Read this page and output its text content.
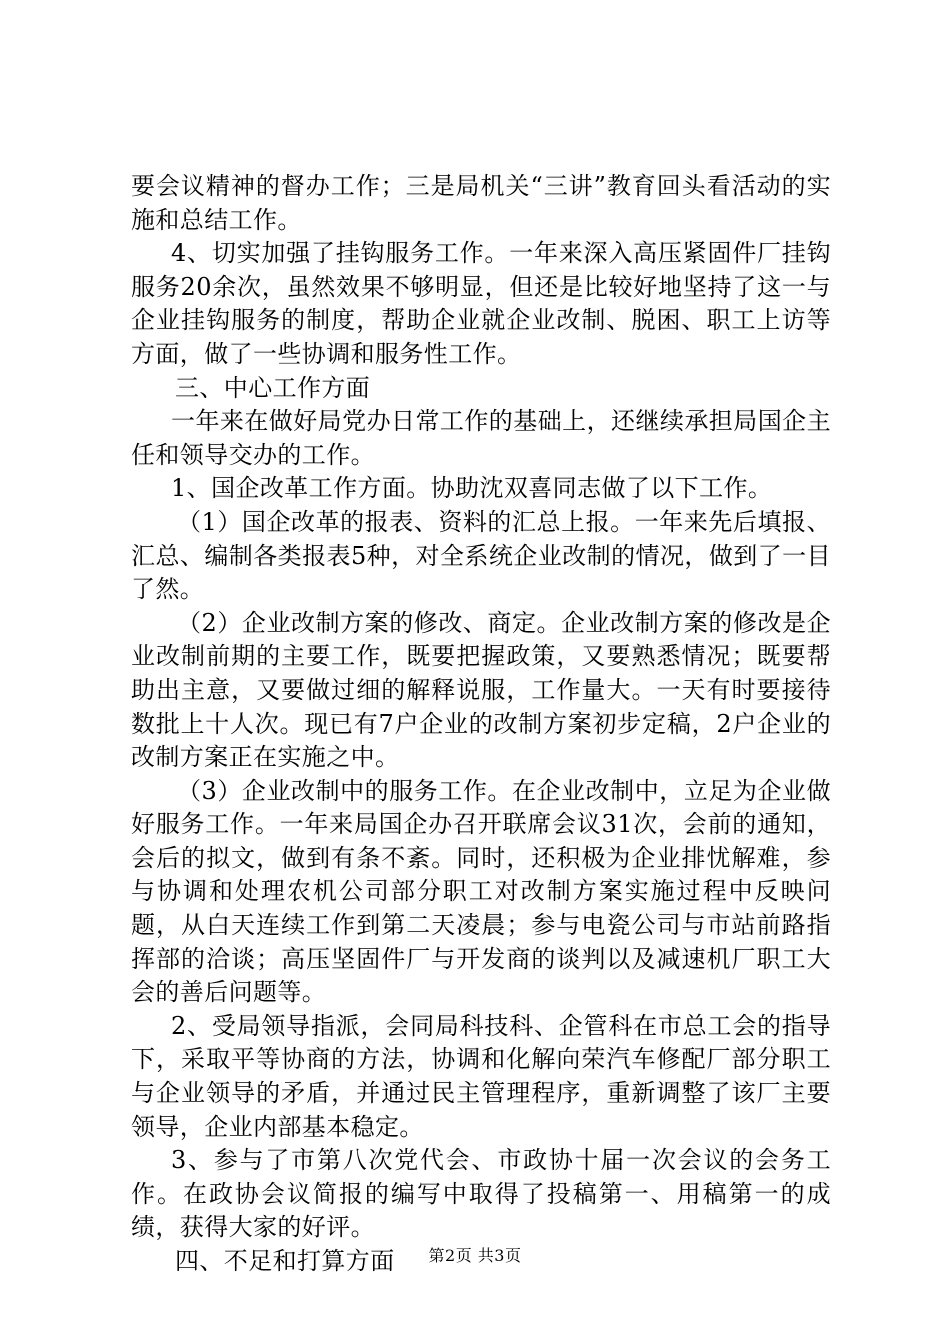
要会议精神的督办工作；三是局机关“三讲”教育回头看活动的实施和总结工作。

4、切实加强了挂钩服务工作。一年来深入高压紧固件厂挂钩服务20余次，虽然效果不够明显，但还是比较好地坚持了这一与企业挂钩服务的制度，帮助企业就企业改制、脱困、职工上访等方面，做了一些协调和服务性工作。

三、中心工作方面

一年来在做好局党办日常工作的基础上，还继续承担局国企主任和领导交办的工作。

1、国企改革工作方面。协助沈双喜同志做了以下工作。

（1）国企改革的报表、资料的汇总上报。一年来先后填报、汇总、编制各类报表5种，对全系统企业改制的情况，做到了一目了然。

（2）企业改制方案的修改、商定。企业改制方案的修改是企业改制前期的主要工作，既要把握政策，又要熟悉情况；既要帮助出主意，又要做过细的解释说服，工作量大。一天有时要接待数批上十人次。现已有7户企业的改制方案初步定稿，2户企业的改制方案正在实施之中。

（3）企业改制中的服务工作。在企业改制中，立足为企业做好服务工作。一年来局国企办召开联席会议31次，会前的通知，会后的拟文，做到有条不紊。同时，还积极为企业排忧解难，参与协调和处理农机公司部分职工对改制方案实施过程中反映问题，从白天连续工作到第二天凌晨；参与电瓷公司与市站前路指挥部的洽谈；高压坚固件厂与开发商的谈判以及减速机厂职工大会的善后问题等。

2、受局领导指派，会同局科技科、企管科在市总工会的指导下，采取平等协商的方法，协调和化解向荣汽车修配厂部分职工与企业领导的矛盾，并通过民主管理程序，重新调整了该厂主要领导，企业内部基本稳定。

3、参与了市第八次党代会、市政协十届一次会议的会务工作。在政协会议简报的编写中取得了投稿第一、用稿第一的成绩，获得大家的好评。

四、不足和打算方面	第2页 共3页
